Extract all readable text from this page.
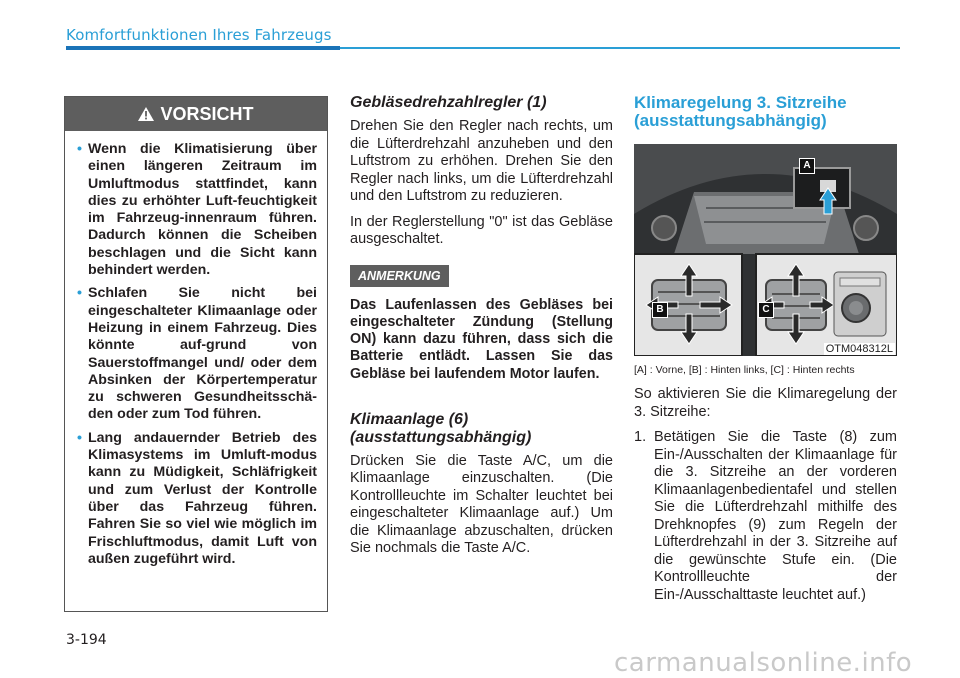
Komfortfunktionen Ihres Fahrzeugs
VORSICHT
• Wenn die Klimatisierung über einen längeren Zeitraum im Umluftmodus stattfindet, kann dies zu erhöhter Luft-feuchtigkeit im Fahrzeug-innenraum führen. Dadurch können die Scheiben beschlagen und die Sicht kann behindert werden.
• Schlafen Sie nicht bei eingeschalteter Klimaanlage oder Heizung in einem Fahrzeug. Dies könnte auf-grund von Sauerstoffmangel und/ oder dem Absinken der Körpertemperatur zu schweren Gesundheitsschä-den oder zum Tod führen.
• Lang andauernder Betrieb des Klimasystems im Umluft-modus kann zu Müdigkeit, Schläfrigkeit und zum Verlust der Kontrolle über das Fahrzeug führen. Fahren Sie so viel wie möglich im Frischluftmodus, damit Luft von außen zugeführt wird.
Gebläsedrehzahlregler (1)

Drehen Sie den Regler nach rechts, um die Lüfterdrehzahl anzuheben und den Luftstrom zu erhöhen. Drehen Sie den Regler nach links, um die Lüfterdrehzahl und den Luftstrom zu reduzieren.

In der Reglerstellung "0" ist das Gebläse ausgeschaltet.

ANMERKUNG

Das Laufenlassen des Gebläses bei eingeschalteter Zündung (Stellung ON) kann dazu führen, dass sich die Batterie entlädt. Lassen Sie das Gebläse bei laufendem Motor laufen.

Klimaanlage (6)
(ausstattungsabhängig)

Drücken Sie die Taste A/C, um die Klimaanlage einzuschalten. (Die Kontrollleuchte im Schalter leuchtet bei eingeschalteter Klimaanlage auf.) Um die Klimaanlage abzuschalten, drücken Sie nochmals die Taste A/C.

Klimaregelung 3. Sitzreihe
(ausstattungsabhängig)
A
B	C
OTM048312L
[A] : Vorne, [B] : Hinten links, [C] : Hinten rechts

So aktivieren Sie die Klimaregelung der 3. Sitzreihe:

1. Betätigen Sie die Taste (8) zum Ein-/Ausschalten der Klimaanlage für die 3. Sitzreihe an der vorderen Klimaanlagenbedientafel und stellen Sie die Lüfterdrehzahl mithilfe des Drehknopfes (9) zum Regeln der Lüfterdrehzahl in der 3. Sitzreihe auf die gewünschte Stufe ein. (Die Kontrollleuchte der Ein-/Ausschalttaste leuchtet auf.)
3-194
carmanualsonline.info
